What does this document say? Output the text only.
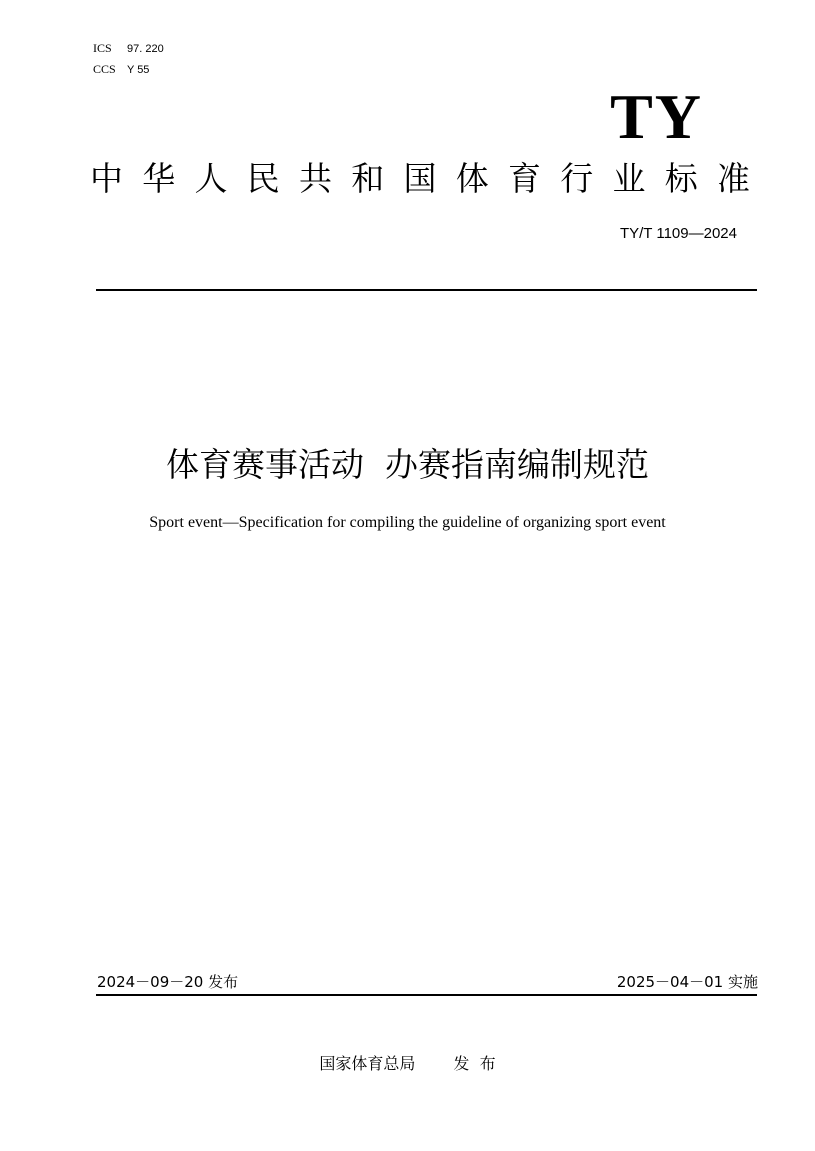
ICS 97. 220
CCS Y 55
TY
中 华 人 民 共 和 国 体 育 行 业 标 准
TY/T 1109—2024
体育赛事活动  办赛指南编制规范
Sport event—Specification for compiling the guideline of organizing sport event
2024－09－20 发布	2025－04－01 实施
国家体育总局 发  布
